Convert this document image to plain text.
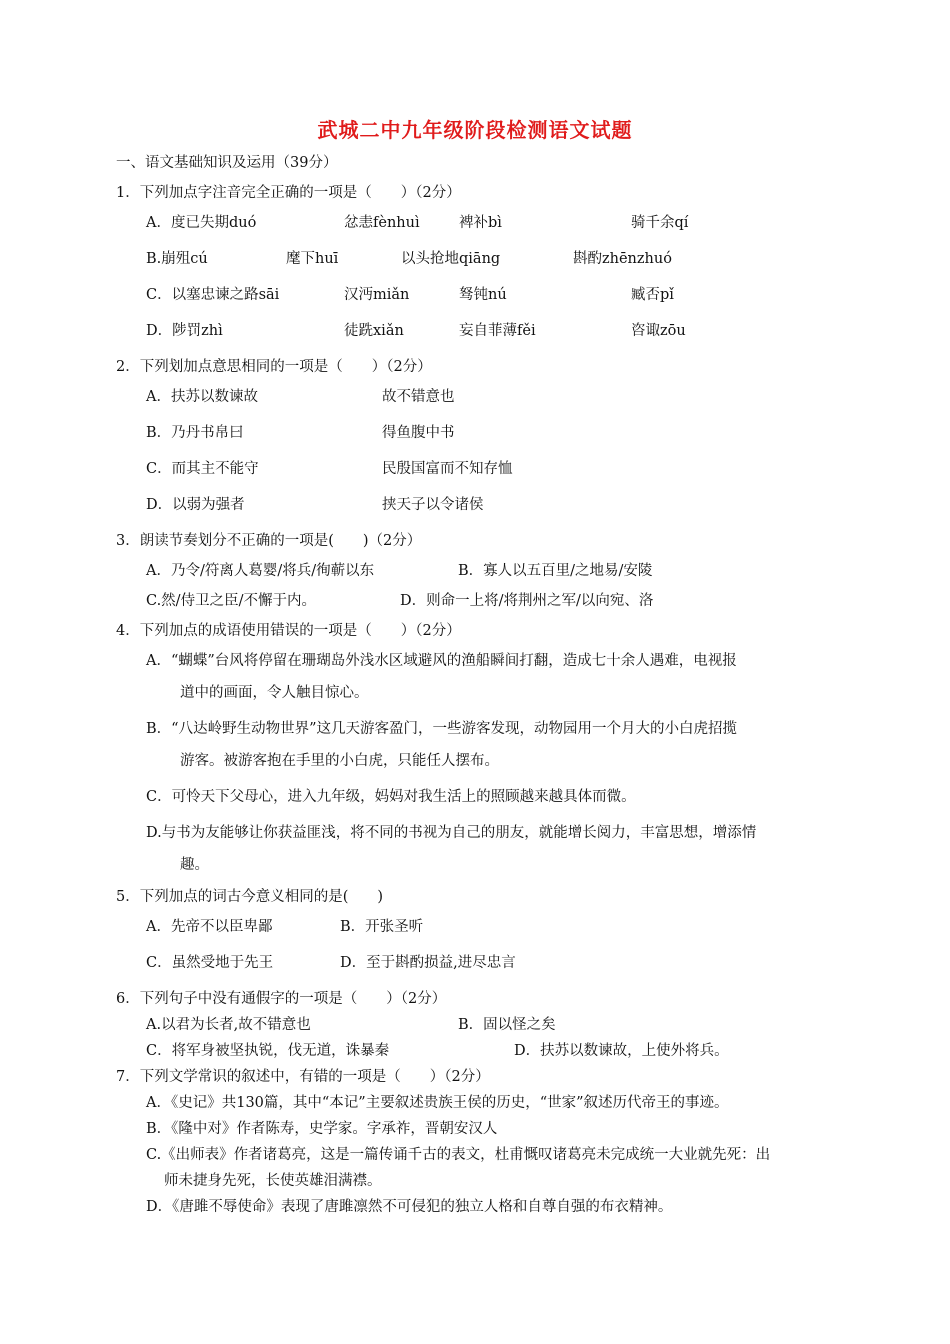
武城二中九年级阶段检测语文试题
一、语文基础知识及运用（39分）
1．下列加点字注音完全正确的一项是（　　）（2分）
A．度已失期duó	忿恚fènhuì	裨补bì	骑千余qí
B.崩殂cú	麾下huī	以头抢地qiāng	斟酌zhēnzhuó
C．以塞忠谏之路sāi	汉沔miǎn	驽钝nú	臧否pǐ
D．陟罚zhì	徒跣xiǎn	妄自菲薄fěi	咨诹zōu
2．下列划加点意思相同的一项是（　　）（2分）
A．扶苏以数谏故	故不错意也
B．乃丹书帛曰	得鱼腹中书
C．而其主不能守	民殷国富而不知存恤
D．以弱为强者	挟天子以令诸侯
3．朗读节奏划分不正确的一项是(　　)（2分）
A．乃令/符离人葛婴/将兵/徇蕲以东	B．寡人以五百里/之地易/安陵
C.然/侍卫之臣/不懈于内。	D．则命一上将/将荆州之军/以向宛、洛
4．下列加点的成语使用错误的一项是（　　）（2分）
A．“蝴蝶”台风将停留在珊瑚岛外浅水区域避风的渔船瞬间打翻，造成七十余人遇难，电视报
道中的画面，令人触目惊心。
B．“八达岭野生动物世界”这几天游客盈门，一些游客发现，动物园用一个月大的小白虎招揽
游客。被游客抱在手里的小白虎，只能任人摆布。
C．可怜天下父母心，进入九年级，妈妈对我生活上的照顾越来越具体而微。
D.与书为友能够让你获益匪浅，将不同的书视为自己的朋友，就能增长阅力，丰富思想，增添情
趣。
5．下列加点的词古今意义相同的是(　　)
A．先帝不以臣卑鄙	B．开张圣听
C．虽然受地于先王	D．至于斟酌损益,进尽忠言
6．下列句子中没有通假字的一项是（　　）（2分）
A.以君为长者,故不错意也	B．固以怪之矣
C．将军身被坚执锐，伐无道，诛暴秦	D．扶苏以数谏故，上使外将兵。
7．下列文学常识的叙述中，有错的一项是（　　）（2分）
A．《史记》共130篇，其中“本记”主要叙述贵族王侯的历史，“世家”叙述历代帝王的事迹。
B．《隆中对》作者陈寿，史学家。字承祚，晋朝安汉人
C.《出师表》作者诸葛亮，这是一篇传诵千古的表文，杜甫慨叹诸葛亮未完成统一大业就先死：出
师未捷身先死，长使英雄泪满襟。
D．《唐雎不辱使命》表现了唐雎凛然不可侵犯的独立人格和自尊自强的布衣精神。
